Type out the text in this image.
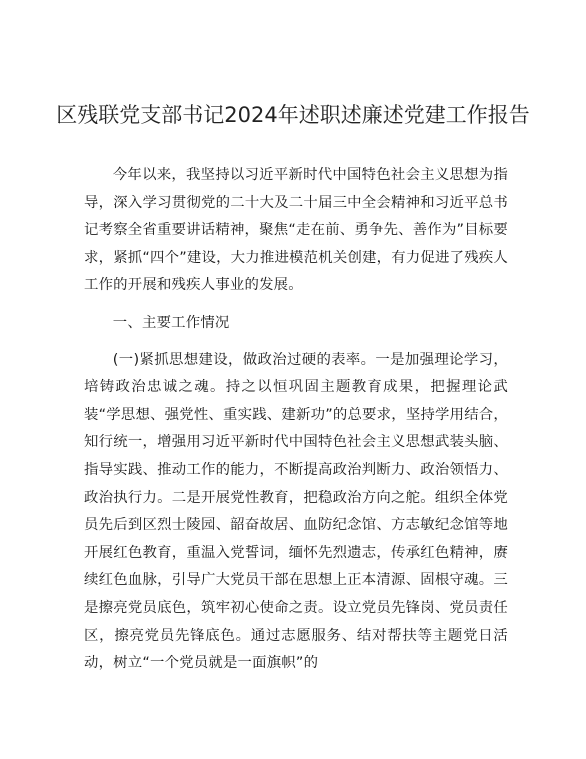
区残联党支部书记2024年述职述廉述党建工作报告

今年以来，我坚持以习近平新时代中国特色社会主义思想为指导，深入学习贯彻党的二十大及二十届三中全会精神和习近平总书记考察全省重要讲话精神，聚焦“走在前、勇争先、善作为”目标要求，紧抓“四个”建设，大力推进模范机关创建，有力促进了残疾人工作的开展和残疾人事业的发展。

一、主要工作情况

(一)紧抓思想建设，做政治过硬的表率。一是加强理论学习，培铸政治忠诚之魂。持之以恒巩固主题教育成果，把握理论武装“学思想、强党性、重实践、建新功”的总要求，坚持学用结合，知行统一，增强用习近平新时代中国特色社会主义思想武装头脑、指导实践、推动工作的能力，不断提高政治判断力、政治领悟力、政治执行力。二是开展党性教育，把稳政治方向之舵。组织全体党员先后到区烈士陵园、韶奋故居、血防纪念馆、方志敏纪念馆等地开展红色教育，重温入党誓词，缅怀先烈遗志，传承红色精神，赓续红色血脉，引导广大党员干部在思想上正本清源、固根守魂。三是擦亮党员底色，筑牢初心使命之责。设立党员先锋岗、党员责任区，擦亮党员先锋底色。通过志愿服务、结对帮扶等主题党日活动，树立“一个党员就是一面旗帜”的
